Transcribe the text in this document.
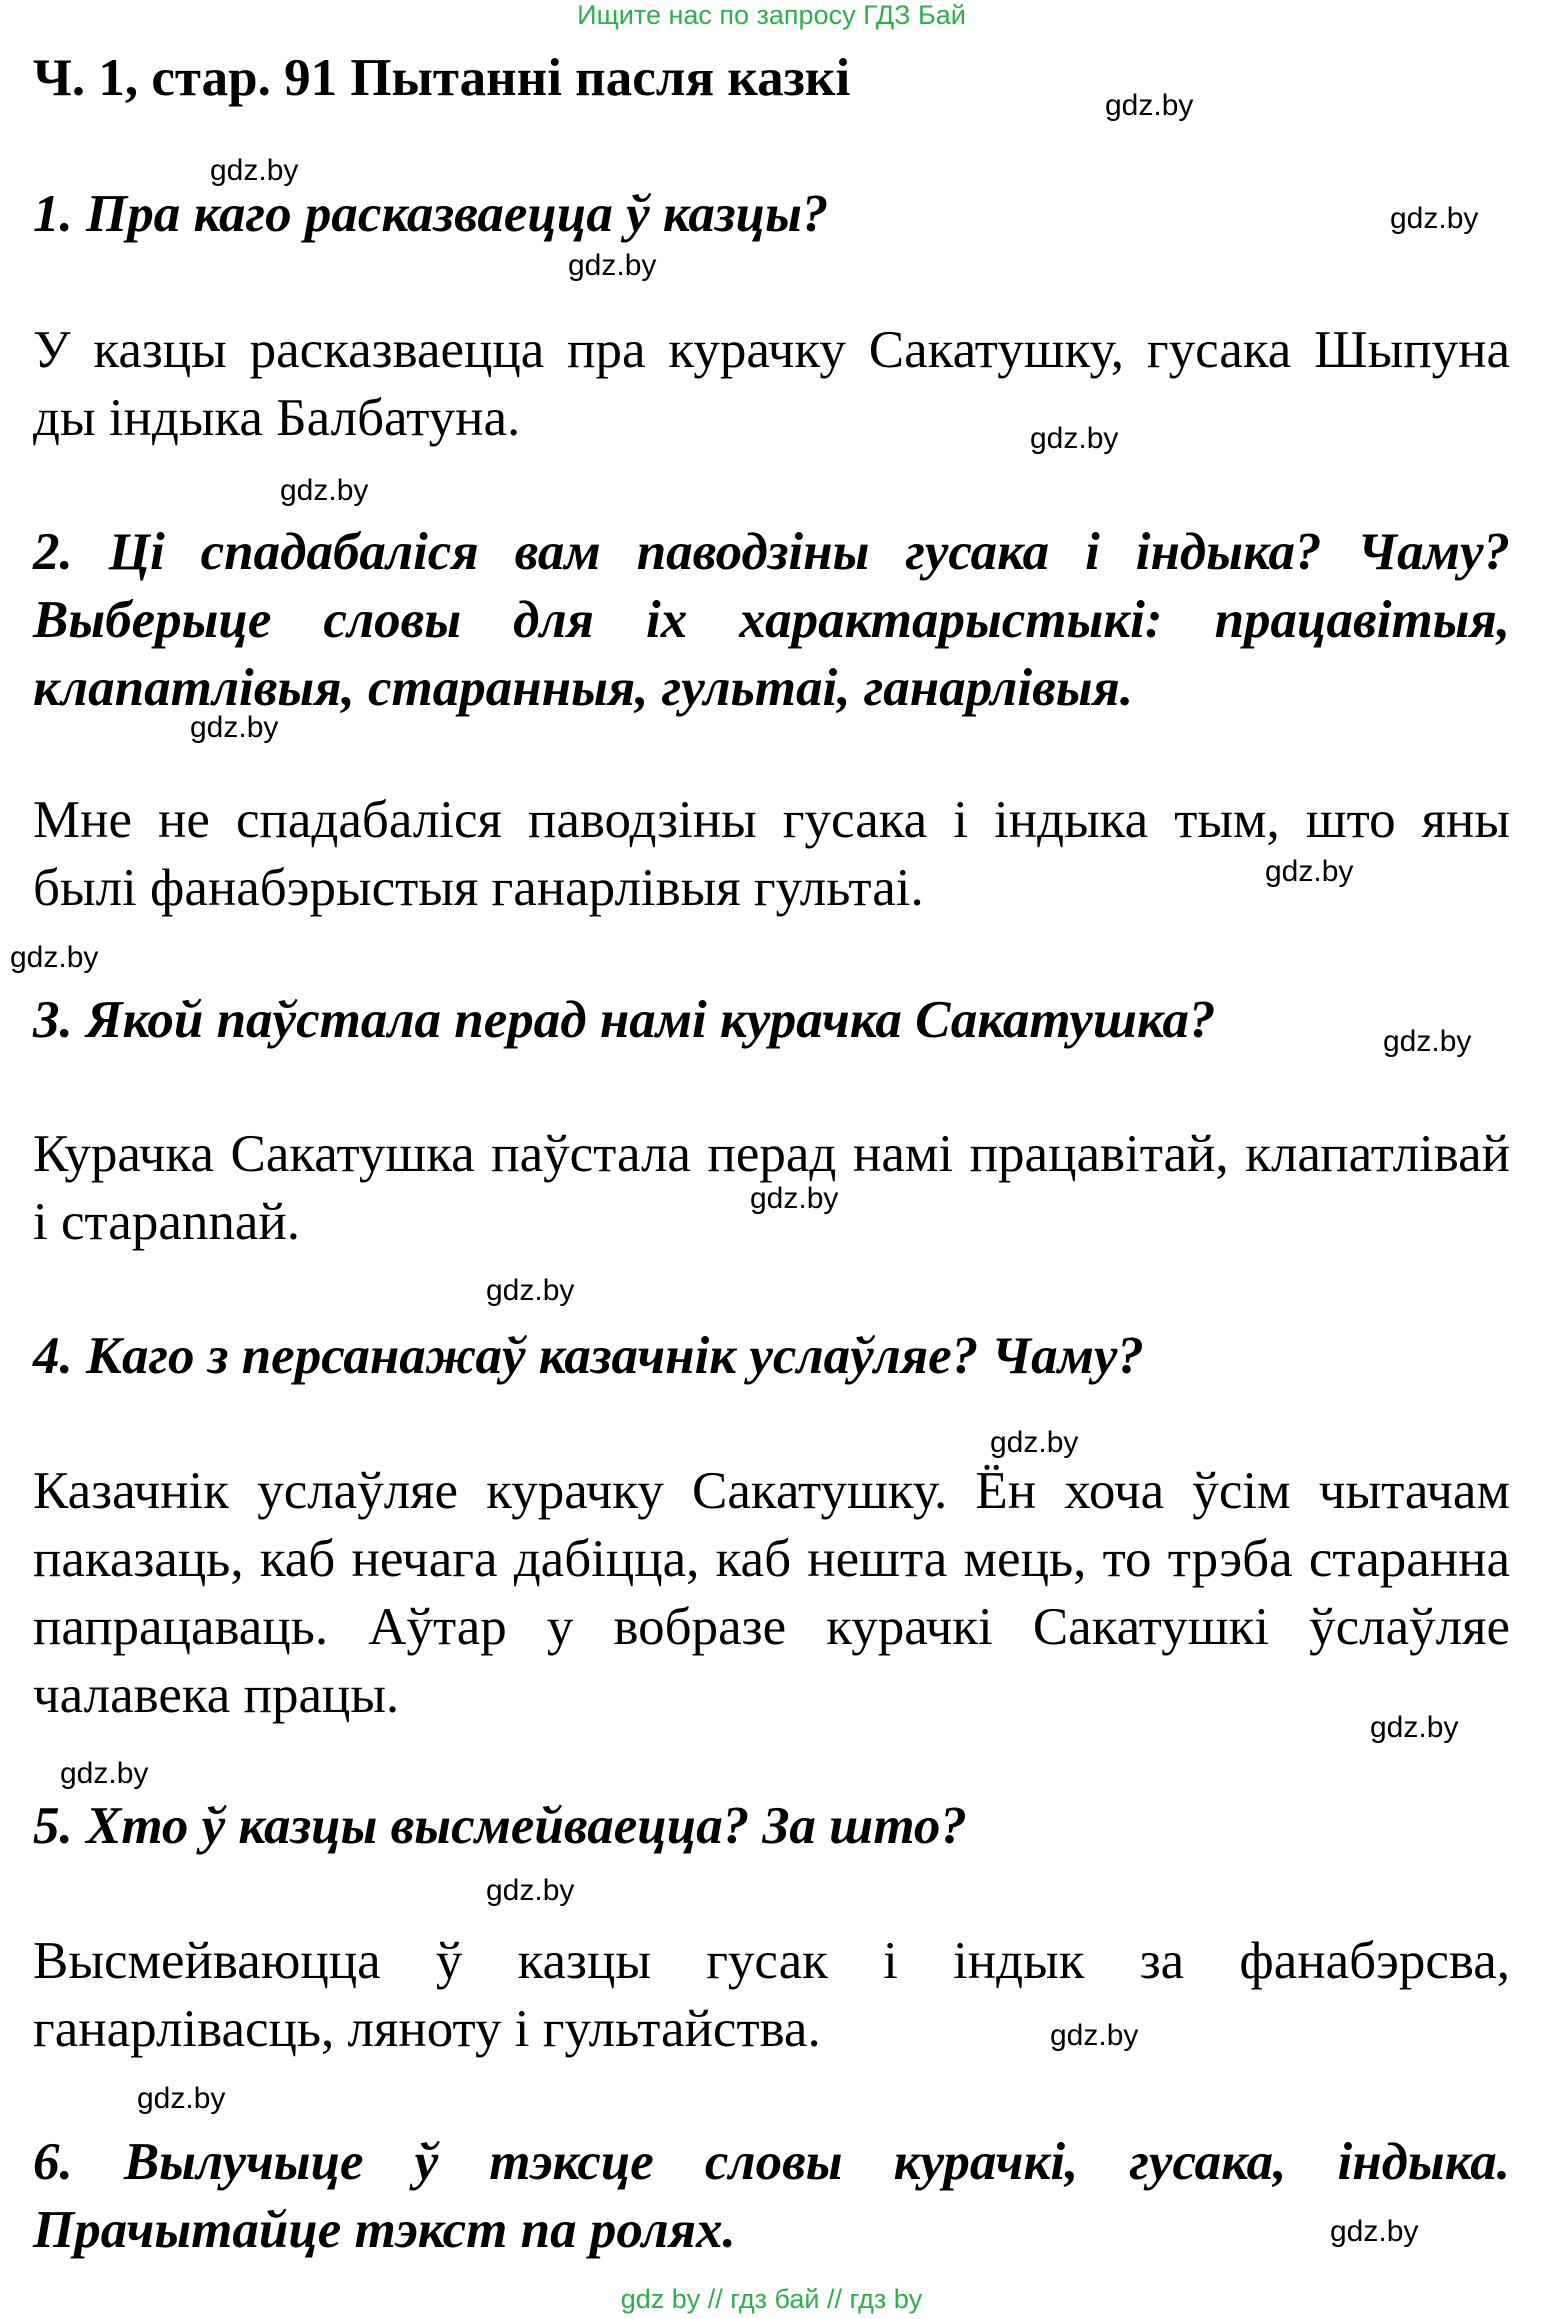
Ищите нас по запросу ГДЗ Бай
Ч. 1, стар. 91 Пытанні пасля казкі
1. Пра каго расказваецца ў казцы?
У казцы расказваецца пра курачку Сакатушку, гусака Шыпуна ды індыка Балбатуна.
2. Ці спадабаліся вам паводзіны гусака і індыка? Чаму? Выберыце словы для іх характарыстыкі: працавітыя, клапатлівыя, старанныя, гультаі, ганарлівыя.
Мне не спадабаліся паводзіны гусака і індыка тым, што яны былі фанабэрыстыя ганарлівыя гультаі.
3. Якой паўстала перад намі курачка Сакатушка?
Курачка Сакатушка паўстала перад намі працавітай, клапатлівай і старannай.
4. Каго з персанажаў казачнік услаўляе? Чаму?
Казачнік услаўляе курачку Сакатушку. Ён хоча ўсім чытачам паказаць, каб нечага дабіцца, каб нешта мець, то трэба старанна папрацаваць. Аўтар у вобразе курачкі Сакатушкі ўслаўляе чалавека працы.
5. Хто ў казцы высмейваецца? За што?
Высмейваюцца ў казцы гусак і індык за фанабэрсва, ганарлівасць, ляноту і гультайства.
6. Вылучыце ў тэксце словы курачкі, гусака, індыка. Прачытайце тэкст па ролях.
gdz.by
gdz.by
gdz.by
gdz.by
gdz.by
gdz.by
gdz.by
gdz.by
gdz.by
gdz.by
gdz.by
gdz.by
gdz.by
gdz.by
gdz.by
gdz.by
gdz.by
gdz.by
gdz.by
gdz by // гдз бай // гдз by
